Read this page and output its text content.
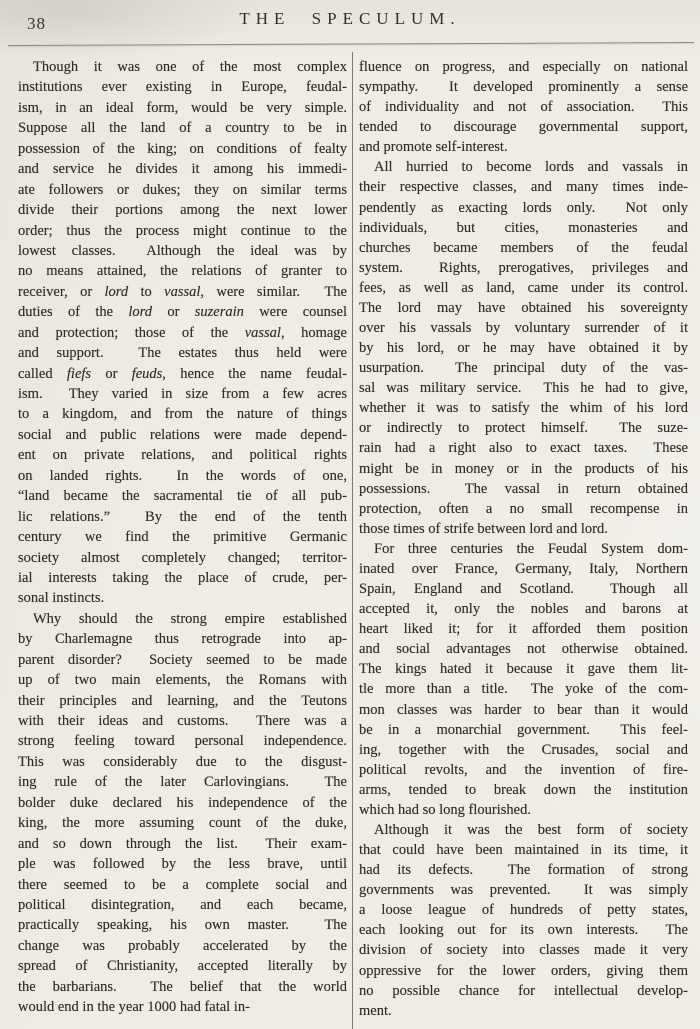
38	THE SPECULUM.
Though it was one of the most complex
institutions ever existing in Europe, feudal-
ism, in an ideal form, would be very simple.
Suppose all the land of a country to be in
possession of the king; on conditions of fealty
and service he divides it among his immedi-
ate followers or dukes; they on similar terms
divide their portions among the next lower
order; thus the process might continue to the
lowest classes.  Although the ideal was by
no means attained, the relations of granter to
receiver, or lord to vassal, were similar.  The
duties of the lord or suzerain were counsel
and protection; those of the vassal, homage
and support.  The estates thus held were
called fiefs or feuds, hence the name feudal-
ism.  They varied in size from a few acres
to a kingdom, and from the nature of things
social and public relations were made depend-
ent on private relations, and political rights
on landed rights.  In the words of one,
“land became the sacramental tie of all pub-
lic relations.”  By the end of the tenth
century we find the primitive Germanic
society almost completely changed; territor-
ial interests taking the place of crude, per-
sonal instincts.
Why should the strong empire established
by Charlemagne thus retrograde into ap-
parent disorder?  Society seemed to be made
up of two main elements, the Romans with
their principles and learning, and the Teutons
with their ideas and customs.  There was a
strong feeling toward personal independence.
This was considerably due to the disgust-
ing rule of the later Carlovingians.  The
bolder duke declared his independence of the
king, the more assuming count of the duke,
and so down through the list.  Their exam-
ple was followed by the less brave, until
there seemed to be a complete social and
political disintegration, and each became,
practically speaking, his own master.  The
change was probably accelerated by the
spread of Christianity, accepted literally by
the barbarians.  The belief that the world
would end in the year 1000 had fatal in-
fluence on progress, and especially on national
sympathy.  It developed prominently a sense
of individuality and not of association.  This
tended to discourage governmental support,
and promote self-interest.
All hurried to become lords and vassals in
their respective classes, and many times inde-
pendently as exacting lords only.  Not only
individuals, but cities, monasteries and
churches became members of the feudal
system.  Rights, prerogatives, privileges and
fees, as well as land, came under its control.
The lord may have obtained his sovereignty
over his vassals by voluntary surrender of it
by his lord, or he may have obtained it by
usurpation.  The principal duty of the vas-
sal was military service.  This he had to give,
whether it was to satisfy the whim of his lord
or indirectly to protect himself.  The suze-
rain had a right also to exact taxes.  These
might be in money or in the products of his
possessions.  The vassal in return obtained
protection, often a no small recompense in
those times of strife between lord and lord.
For three centuries the Feudal System dom-
inated over France, Germany, Italy, Northern
Spain, England and Scotland.  Though all
accepted it, only the nobles and barons at
heart liked it; for it afforded them position
and social advantages not otherwise obtained.
The kings hated it because it gave them lit-
tle more than a title.  The yoke of the com-
mon classes was harder to bear than it would
be in a monarchial government.  This feel-
ing, together with the Crusades, social and
political revolts, and the invention of fire-
arms, tended to break down the institution
which had so long flourished.
Although it was the best form of society
that could have been maintained in its time, it
had its defects.  The formation of strong
governments was prevented.  It was simply
a loose league of hundreds of petty states,
each looking out for its own interests.  The
division of society into classes made it very
oppressive for the lower orders, giving them
no possible chance for intellectual develop-
ment.
